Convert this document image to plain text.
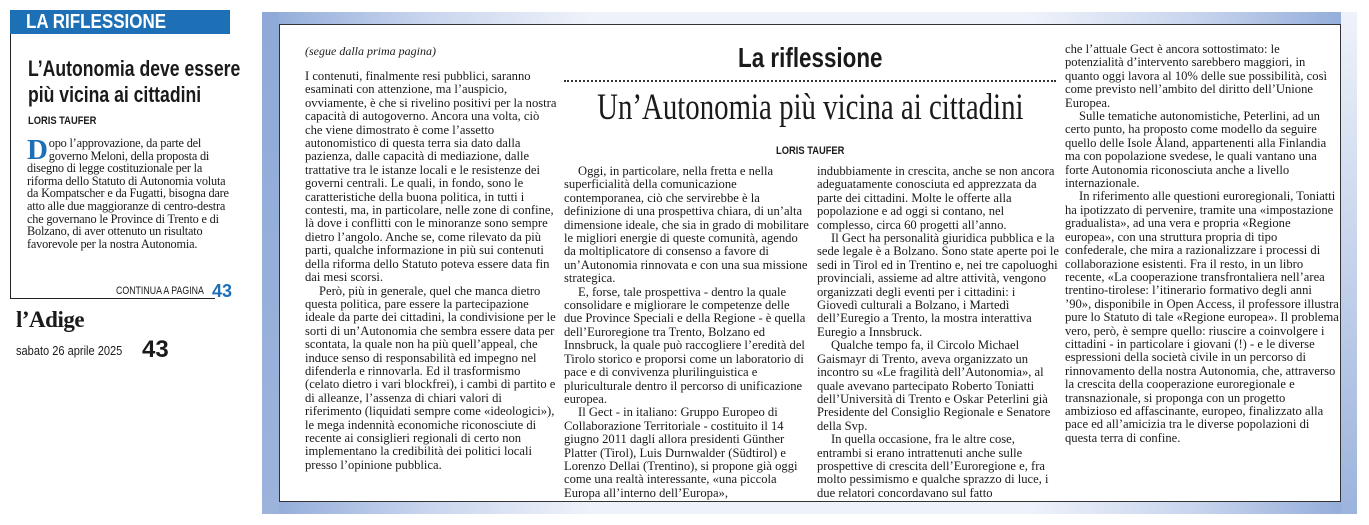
LA RIFLESSIONE
L’Autonomia deve essere
più vicina ai cittadini
LORIS TAUFER
Dopo l’approvazione, da parte del governo Meloni, della proposta di disegno di legge costituzionale per la riforma dello Statuto di Autonomia voluta da Kompatscher e da Fugatti, bisogna dare atto alle due maggioranze di centro-destra che governano le Province di Trento e di Bolzano, di aver ottenuto un risultato favorevole per la nostra Autonomia.
CONTINUA A PAGINA 43
l’Adige
sabato 26 aprile 2025 43
(segue dalla prima pagina)	La riflessione
Un’Autonomia più vicina ai cittadini
LORIS TAUFER

I contenuti, finalmente resi pubblici, saranno esaminati con attenzione, ma l’auspicio, ovviamente, è che si rivelino positivi per la nostra capacità di autogoverno. Ancora una volta, ciò che viene dimostrato è come l’assetto autonomistico di questa terra sia dato dalla pazienza, dalle capacità di mediazione, dalle trattative tra le istanze locali e le resistenze dei governi centrali. Le quali, in fondo, sono le caratteristiche della buona politica, in tutti i contesti, ma, in particolare, nelle zone di confine, là dove i conflitti con le minoranze sono sempre dietro l’angolo. Anche se, come rilevato da più parti, qualche informazione in più sui contenuti della riforma dello Statuto poteva essere data fin dai mesi scorsi.

Però, più in generale, quel che manca dietro questa politica, pare essere la partecipazione ideale da parte dei cittadini, la condivisione per le sorti di un’Autonomia che sembra essere data per scontata, la quale non ha più quell’appeal, che induce senso di responsabilità ed impegno nel difenderla e rinnovarla. Ed il trasformismo (celato dietro i vari blockfrei), i cambi di partito e di alleanze, l’assenza di chiari valori di riferimento (liquidati sempre come «ideologici»), le mega indennità economiche riconosciute di recente ai consiglieri regionali di certo non implementano la credibilità dei politici locali presso l’opinione pubblica.

Oggi, in particolare, nella fretta e nella superficialità della comunicazione contemporanea, ciò che servirebbe è la definizione di una prospettiva chiara, di un’alta dimensione ideale, che sia in grado di mobilitare le migliori energie di queste comunità, agendo da moltiplicatore di consenso a favore di un’Autonomia rinnovata e con una sua missione strategica.

E, forse, tale prospettiva - dentro la quale consolidare e migliorare le competenze delle due Province Speciali e della Regione - è quella dell’Euroregione tra Trento, Bolzano ed Innsbruck, la quale può raccogliere l’eredità del Tirolo storico e proporsi come un laboratorio di pace e di convivenza plurilinguistica e pluriculturale dentro il percorso di unificazione europea.

Il Gect - in italiano: Gruppo Europeo di Collaborazione Territoriale - costituito il 14 giugno 2011 dagli allora presidenti Günther Platter (Tirol), Luis Durnwalder (Südtirol) e Lorenzo Dellai (Trentino), si propone già oggi come una realtà interessante, «una piccola Europa all’interno dell’Europa»,

indubbiamente in crescita, anche se non ancora adeguatamente conosciuta ed apprezzata da parte dei cittadini. Molte le offerte alla popolazione e ad oggi si contano, nel complesso, circa 60 progetti all’anno.

Il Gect ha personalità giuridica pubblica e la sede legale è a Bolzano. Sono state aperte poi le sedi in Tirol ed in Trentino e, nei tre capoluoghi provinciali, assieme ad altre attività, vengono organizzati degli eventi per i cittadini: i Giovedì culturali a Bolzano, i Martedì dell’Euregio a Trento, la mostra interattiva Euregio a Innsbruck.

Qualche tempo fa, il Circolo Michael Gaismayr di Trento, aveva organizzato un incontro su «Le fragilità dell’Autonomia», al quale avevano partecipato Roberto Toniatti dell’Università di Trento e Oskar Peterlini già Presidente del Consiglio Regionale e Senatore della Svp.

In quella occasione, fra le altre cose, entrambi si erano intrattenuti anche sulle prospettive di crescita dell’Euroregione e, fra molto pessimismo e qualche sprazzo di luce, i due relatori concordavano sul fatto

che l’attuale Gect è ancora sottostimato: le potenzialità d’intervento sarebbero maggiori, in quanto oggi lavora al 10% delle sue possibilità, così come previsto nell’ambito del diritto dell’Unione Europea.

Sulle tematiche autonomistiche, Peterlini, ad un certo punto, ha proposto come modello da seguire quello delle Isole Åland, appartenenti alla Finlandia ma con popolazione svedese, le quali vantano una forte Autonomia riconosciuta anche a livello internazionale.

In riferimento alle questioni euroregionali, Toniatti ha ipotizzato di pervenire, tramite una «impostazione gradualista», ad una vera e propria «Regione europea», con una struttura propria di tipo confederale, che mira a razionalizzare i processi di collaborazione esistenti. Fra il resto, in un libro recente, «La cooperazione transfrontaliera nell’area trentino-tirolese: l’itinerario formativo degli anni ’90», disponibile in Open Access, il professore illustra pure lo Statuto di tale «Regione europea». Il problema vero, però, è sempre quello: riuscire a coinvolgere i cittadini - in particolare i giovani (!) - e le diverse espressioni della società civile in un percorso di rinnovamento della nostra Autonomia, che, attraverso la crescita della cooperazione euroregionale e transnazionale, si proponga con un progetto ambizioso ed affascinante, europeo, finalizzato alla pace ed all’amicizia tra le diverse popolazioni di questa terra di confine.
